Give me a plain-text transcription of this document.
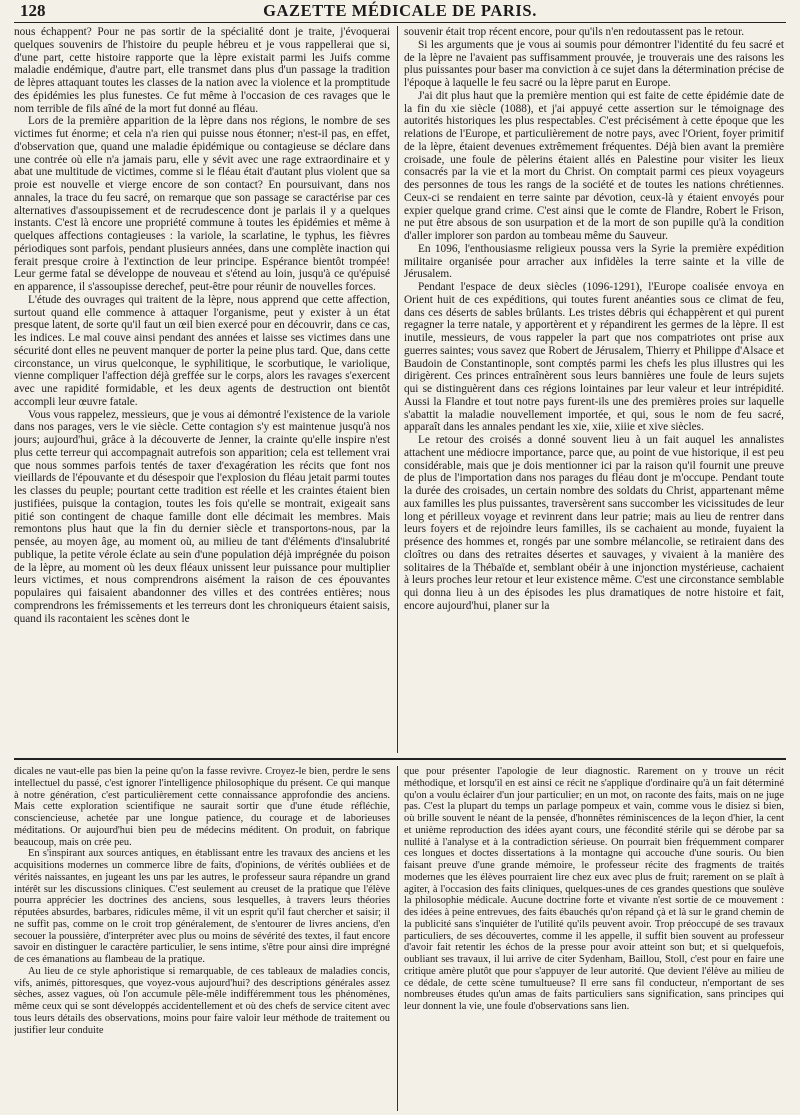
128	GAZETTE MÉDICALE DE PARIS.

nous échappent? Pour ne pas sortir de la spécialité dont je traite, j'évoquerai quelques souvenirs de l'histoire du peuple hébreu et je vous rappellerai que si, d'une part, cette histoire rapporte que la lèpre existait parmi les Juifs comme maladie endémique, d'autre part, elle transmet dans plus d'un passage la tradition de lèpres attaquant toutes les classes de la nation avec la violence et la promptitude des épidémies les plus funestes. Ce fut même à l'occasion de ces ravages que le nom terrible de fils aîné de la mort fut donné au fléau.

Lors de la première apparition de la lèpre dans nos régions, le nombre de ses victimes fut énorme; et cela n'a rien qui puisse nous étonner; n'est-il pas, en effet, d'observation que, quand une maladie épidémique ou contagieuse se déclare dans une contrée où elle n'a jamais paru, elle y sévit avec une rage extraordinaire et y abat une multitude de victimes, comme si le fléau était d'autant plus violent que sa proie est nouvelle et vierge encore de son contact? En poursuivant, dans nos annales, la trace du feu sacré, on remarque que son passage se caractérise par ces alternatives d'assoupissement et de recrudescence dont je parlais il y a quelques instants. C'est là encore une propriété commune à toutes les épidémies et même à quelques affections contagieuses : la variole, la scarlatine, le typhus, les fièvres périodiques sont parfois, pendant plusieurs années, dans une complète inaction qui ferait presque croire à l'extinction de leur principe. Espérance bientôt trompée! Leur germe fatal se développe de nouveau et s'étend au loin, jusqu'à ce qu'épuisé en apparence, il s'assoupisse derechef, peut-être pour réunir de nouvelles forces.

L'étude des ouvrages qui traitent de la lèpre, nous apprend que cette affection, surtout quand elle commence à attaquer l'organisme, peut y exister à un état presque latent, de sorte qu'il faut un œil bien exercé pour en découvrir, dans ce cas, les indices. Le mal couve ainsi pendant des années et laisse ses victimes dans une sécurité dont elles ne peuvent manquer de porter la peine plus tard. Que, dans cette circonstance, un virus quelconque, le syphilitique, le scorbutique, le variolique, vienne compliquer l'affection déjà greffée sur le corps, alors les ravages s'exercent avec une rapidité formidable, et les deux agents de destruction ont bientôt accompli leur œuvre fatale.

Vous vous rappelez, messieurs, que je vous ai démontré l'existence de la variole dans nos parages, vers le vie siècle. Cette contagion s'y est maintenue jusqu'à nos jours; aujourd'hui, grâce à la découverte de Jenner, la crainte qu'elle inspire n'est plus cette terreur qui accompagnait autrefois son apparition; cela est tellement vrai que nous sommes parfois tentés de taxer d'exagération les récits que font nos vieillards de l'épouvante et du désespoir que l'explosion du fléau jetait parmi toutes les classes du peuple; pourtant cette tradition est réelle et les craintes étaient bien justifiées, puisque la contagion, toutes les fois qu'elle se montrait, exigeait sans pitié son contingent de chaque famille dont elle décimait les membres. Mais remontons plus haut que la fin du dernier siècle et transportons-nous, par la pensée, au moyen âge, au moment où, au milieu de tant d'éléments d'insalubrité publique, la petite vérole éclate au sein d'une population déjà imprégnée du poison de la lèpre, au moment où les deux fléaux unissent leur puissance pour multiplier leurs victimes, et nous comprendrons aisément la raison de ces épouvantes populaires qui faisaient abandonner des villes et des contrées entières; nous comprendrons les frémissements et les terreurs dont les chroniqueurs étaient saisis, quand ils racontaient les scènes dont le

souvenir était trop récent encore, pour qu'ils n'en redoutassent pas le retour.

Si les arguments que je vous ai soumis pour démontrer l'identité du feu sacré et de la lèpre ne l'avaient pas suffisamment prouvée, je trouverais une des raisons les plus puissantes pour baser ma conviction à ce sujet dans la détermination précise de l'époque à laquelle le feu sacré ou la lèpre parut en Europe.

J'ai dit plus haut que la première mention qui est faite de cette épidémie date de la fin du xie siècle (1088), et j'ai appuyé cette assertion sur le témoignage des autorités historiques les plus respectables. C'est précisément à cette époque que les relations de l'Europe, et particulièrement de notre pays, avec l'Orient, foyer primitif de la lèpre, étaient devenues extrêmement fréquentes. Déjà bien avant la première croisade, une foule de pèlerins étaient allés en Palestine pour visiter les lieux consacrés par la vie et la mort du Christ. On comptait parmi ces pieux voyageurs des personnes de tous les rangs de la société et de toutes les nations chrétiennes. Ceux-ci se rendaient en terre sainte par dévotion, ceux-là y étaient envoyés pour expier quelque grand crime. C'est ainsi que le comte de Flandre, Robert le Frison, ne put être absous de son usurpation et de la mort de son pupille qu'à la condition d'aller implorer son pardon au tombeau même du Sauveur.

En 1096, l'enthousiasme religieux poussa vers la Syrie la première expédition militaire organisée pour arracher aux infidèles la terre sainte et la ville de Jérusalem.

Pendant l'espace de deux siècles (1096-1291), l'Europe coalisée envoya en Orient huit de ces expéditions, qui toutes furent anéanties sous ce climat de feu, dans ces déserts de sables brûlants. Les tristes débris qui échappèrent et qui purent regagner la terre natale, y apportèrent et y répandirent les germes de la lèpre. Il est inutile, messieurs, de vous rappeler la part que nos compatriotes ont prise aux guerres saintes; vous savez que Robert de Jérusalem, Thierry et Philippe d'Alsace et Baudoin de Constantinople, sont comptés parmi les chefs les plus illustres qui les dirigèrent. Ces princes entraînèrent sous leurs bannières une foule de leurs sujets qui se distinguèrent dans ces régions lointaines par leur valeur et leur intrépidité. Aussi la Flandre et tout notre pays furent-ils une des premières proies sur laquelle s'abattit la maladie nouvellement importée, et qui, sous le nom de feu sacré, apparaît dans les annales pendant les xie, xiie, xiiie et xive siècles.

Le retour des croisés a donné souvent lieu à un fait auquel les annalistes attachent une médiocre importance, parce que, au point de vue historique, il est peu considérable, mais que je dois mentionner ici par la raison qu'il fournit une preuve de plus de l'importation dans nos parages du fléau dont je m'occupe. Pendant toute la durée des croisades, un certain nombre des soldats du Christ, appartenant même aux familles les plus puissantes, traversèrent sans succomber les vicissitudes de leur long et périlleux voyage et revinrent dans leur patrie; mais au lieu de rentrer dans leurs foyers et de rejoindre leurs familles, ils se cachaient au monde, fuyaient la présence des hommes et, rongés par une sombre mélancolie, se retiraient dans des cloîtres ou dans des retraites désertes et sauvages, y vivaient à la manière des solitaires de la Thébaïde et, semblant obéir à une injonction mystérieuse, cachaient à leurs proches leur retour et leur existence même. C'est une circonstance semblable qui donna lieu à un des épisodes les plus dramatiques de notre histoire et fait, encore aujourd'hui, planer sur la

dicales ne vaut-elle pas bien la peine qu'on la fasse revivre. Croyez-le bien, perdre le sens intellectuel du passé, c'est ignorer l'intelligence philosophique du présent. Ce qui manque à notre génération, c'est particulièrement cette connaissance approfondie des anciens. Mais cette exploration scientifique ne saurait sortir que d'une étude réfléchie, consciencieuse, achetée par une longue patience, du courage et de laborieuses méditations. Or aujourd'hui bien peu de médecins méditent. On produit, on fabrique beaucoup, mais on crée peu.

En s'inspirant aux sources antiques, en établissant entre les travaux des anciens et les acquisitions modernes un commerce libre de faits, d'opinions, de vérités oubliées et de vérités naissantes, en jugeant les uns par les autres, le professeur saura répandre un grand intérêt sur les discussions cliniques. C'est seulement au creuset de la pratique que l'élève pourra apprécier les doctrines des anciens, sous lesquelles, à travers leurs théories réputées absurdes, barbares, ridicules même, il vit un esprit qu'il faut chercher et saisir; il ne suffit pas, comme on le croit trop généralement, de s'entourer de livres anciens, d'en secouer la poussière, d'interpréter avec plus ou moins de sévérité des textes, il faut encore savoir en distinguer le caractère particulier, le sens intime, s'être pour ainsi dire imprégné de ces émanations au flambeau de la pratique.

Au lieu de ce style aphoristique si remarquable, de ces tableaux de maladies concis, vifs, animés, pittoresques, que voyez-vous aujourd'hui? des descriptions générales assez sèches, assez vagues, où l'on accumule pêle-mêle indifféremment tous les phénomènes, même ceux qui se sont développés accidentellement et où des chefs de service citent avec tous leurs détails des observations, moins pour faire valoir leur méthode de traitement ou justifier leur conduite

que pour présenter l'apologie de leur diagnostic. Rarement on y trouve un récit méthodique, et lorsqu'il en est ainsi ce récit ne s'applique d'ordinaire qu'à un fait déterminé qu'on a voulu éclairer d'un jour particulier; en un mot, on raconte des faits, mais on ne juge pas. C'est la plupart du temps un parlage pompeux et vain, comme vous le disiez si bien, où brille souvent le néant de la pensée, d'honnêtes réminiscences de la leçon d'hier, la cent et unième reproduction des idées ayant cours, une fécondité stérile qui se dérobe par sa nullité à l'analyse et à la contradiction sérieuse. On pourrait bien fréquemment comparer ces longues et doctes dissertations à la montagne qui accouche d'une souris. Ou bien faisant preuve d'une grande mémoire, le professeur récite des fragments de traités modernes que les élèves pourraient lire chez eux avec plus de fruit; rarement on se plaît à agiter, à l'occasion des faits cliniques, quelques-unes de ces grandes questions que soulève la philosophie médicale. Aucune doctrine forte et vivante n'est sortie de ce mouvement : des idées à peine entrevues, des faits ébauchés qu'on répand çà et là sur le grand chemin de la publicité sans s'inquiéter de l'utilité qu'ils peuvent avoir. Trop préoccupé de ses travaux particuliers, de ses découvertes, comme il les appelle, il suffit bien souvent au professeur d'avoir fait retentir les échos de la presse pour avoir atteint son but; et si quelquefois, oubliant ses travaux, il lui arrive de citer Sydenham, Baillou, Stoll, c'est pour en faire une critique amère plutôt que pour s'appuyer de leur autorité. Que devient l'élève au milieu de ce dédale, de cette scène tumultueuse? Il erre sans fil conducteur, n'emportant de ses nombreuses études qu'un amas de faits particuliers sans signification, sans principes qui leur donnent la vie, une foule d'observations sans lien.
